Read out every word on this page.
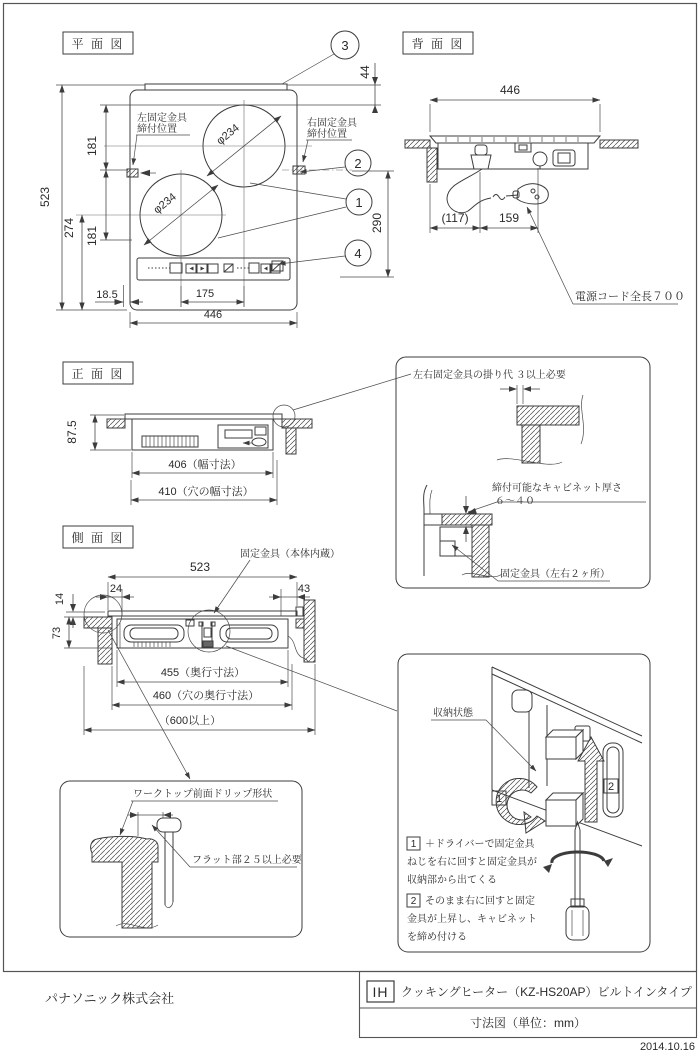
平 面 図
φ234
φ234
左固定金具
締付位置
右固定金具
締付位置
3
2
1
4
523
274
181
181
44
290
18.5	175
446
背 面 図
446
(117)	159
電源コード全長７００
正 面 図
87.5
406（幅寸法）
410（穴の幅寸法）
側 面 図
固定金具（本体内蔵）
523
24	43
14
73
455（奥行寸法）
460（穴の奥行寸法）
（600以上）
左右固定金具の掛り代 ３以上必要
締付可能なキャビネット厚さ
６〜４０
固定金具（左右２ヶ所）
ワークトップ前面ドリップ形状
フラット部２５以上必要
1
2
収納状態
1 ＋ドライバーで固定金具
ねじを右に回すと固定金具が
収納部から出てくる
2 そのまま右に回すと固定
金具が上昇し、キャビネット
を締め付ける
パナソニック株式会社	IH クッキングヒーター（KZ-HS20AP）ビルトインタイプ
寸法図（単位：mm）
2014.10.16
